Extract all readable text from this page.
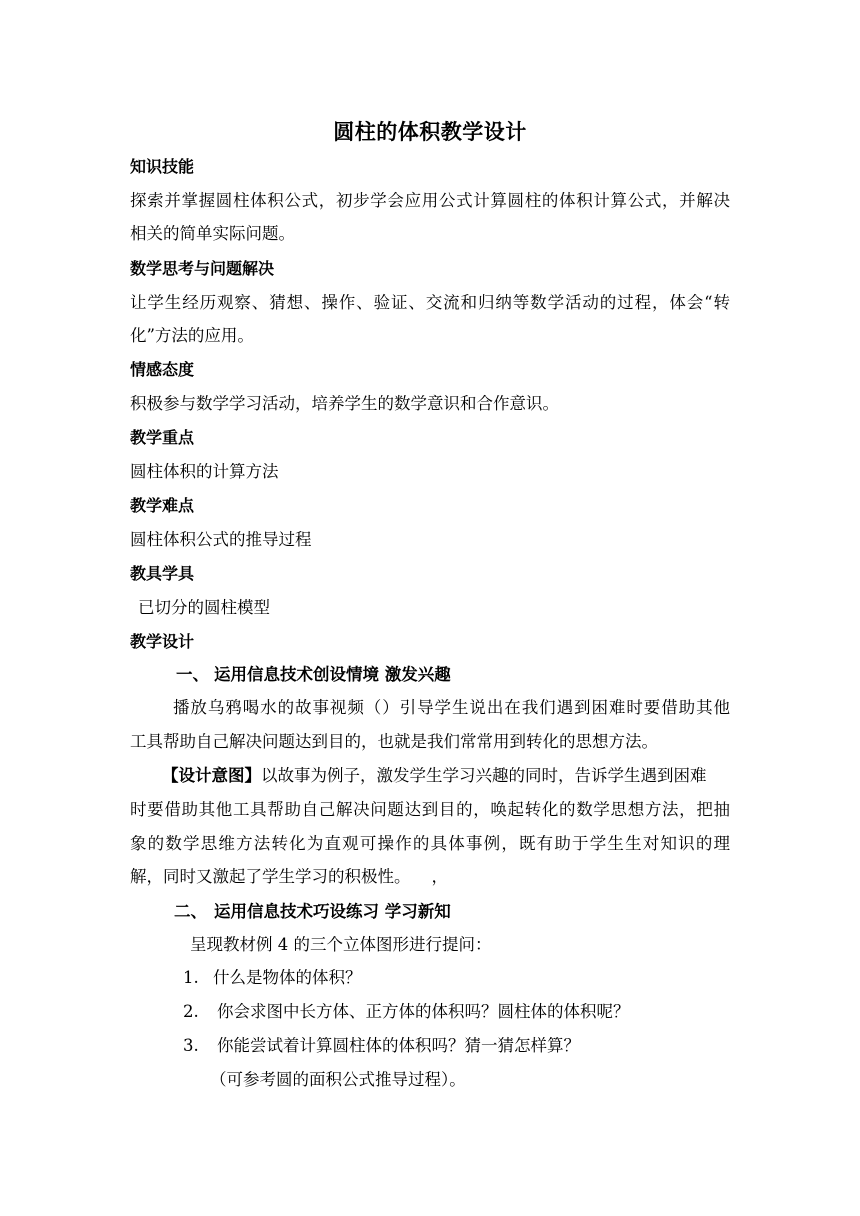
圆柱的体积教学设计
知识技能
探索并掌握圆柱体积公式，初步学会应用公式计算圆柱的体积计算公式，并解决
相关的简单实际问题。
数学思考与问题解决
让学生经历观察、猜想、操作、验证、交流和归纳等数学活动的过程，体会“转
化”方法的应用。
情感态度
积极参与数学学习活动，培养学生的数学意识和合作意识。
教学重点
圆柱体积的计算方法
教学难点
圆柱体积公式的推导过程
教具学具
已切分的圆柱模型
教学设计
一、 运用信息技术创设情境 激发兴趣
播放乌鸦喝水的故事视频（）引导学生说出在我们遇到困难时要借助其他
工具帮助自己解决问题达到目的，也就是我们常常用到转化的思想方法。
【设计意图】以故事为例子，激发学生学习兴趣的同时，告诉学生遇到困难
时要借助其他工具帮助自己解决问题达到目的，唤起转化的数学思想方法，把抽
象的数学思维方法转化为直观可操作的具体事例，既有助于学生生对知识的理
解，同时又激起了学生学习的积极性。    ，
二、 运用信息技术巧设练习 学习新知
呈现教材例 4 的三个立体图形进行提问：
1. 什么是物体的体积？
2. 你会求图中长方体、正方体的体积吗？圆柱体的体积呢？
3. 你能尝试着计算圆柱体的体积吗？猜一猜怎样算？
（可参考圆的面积公式推导过程）。
